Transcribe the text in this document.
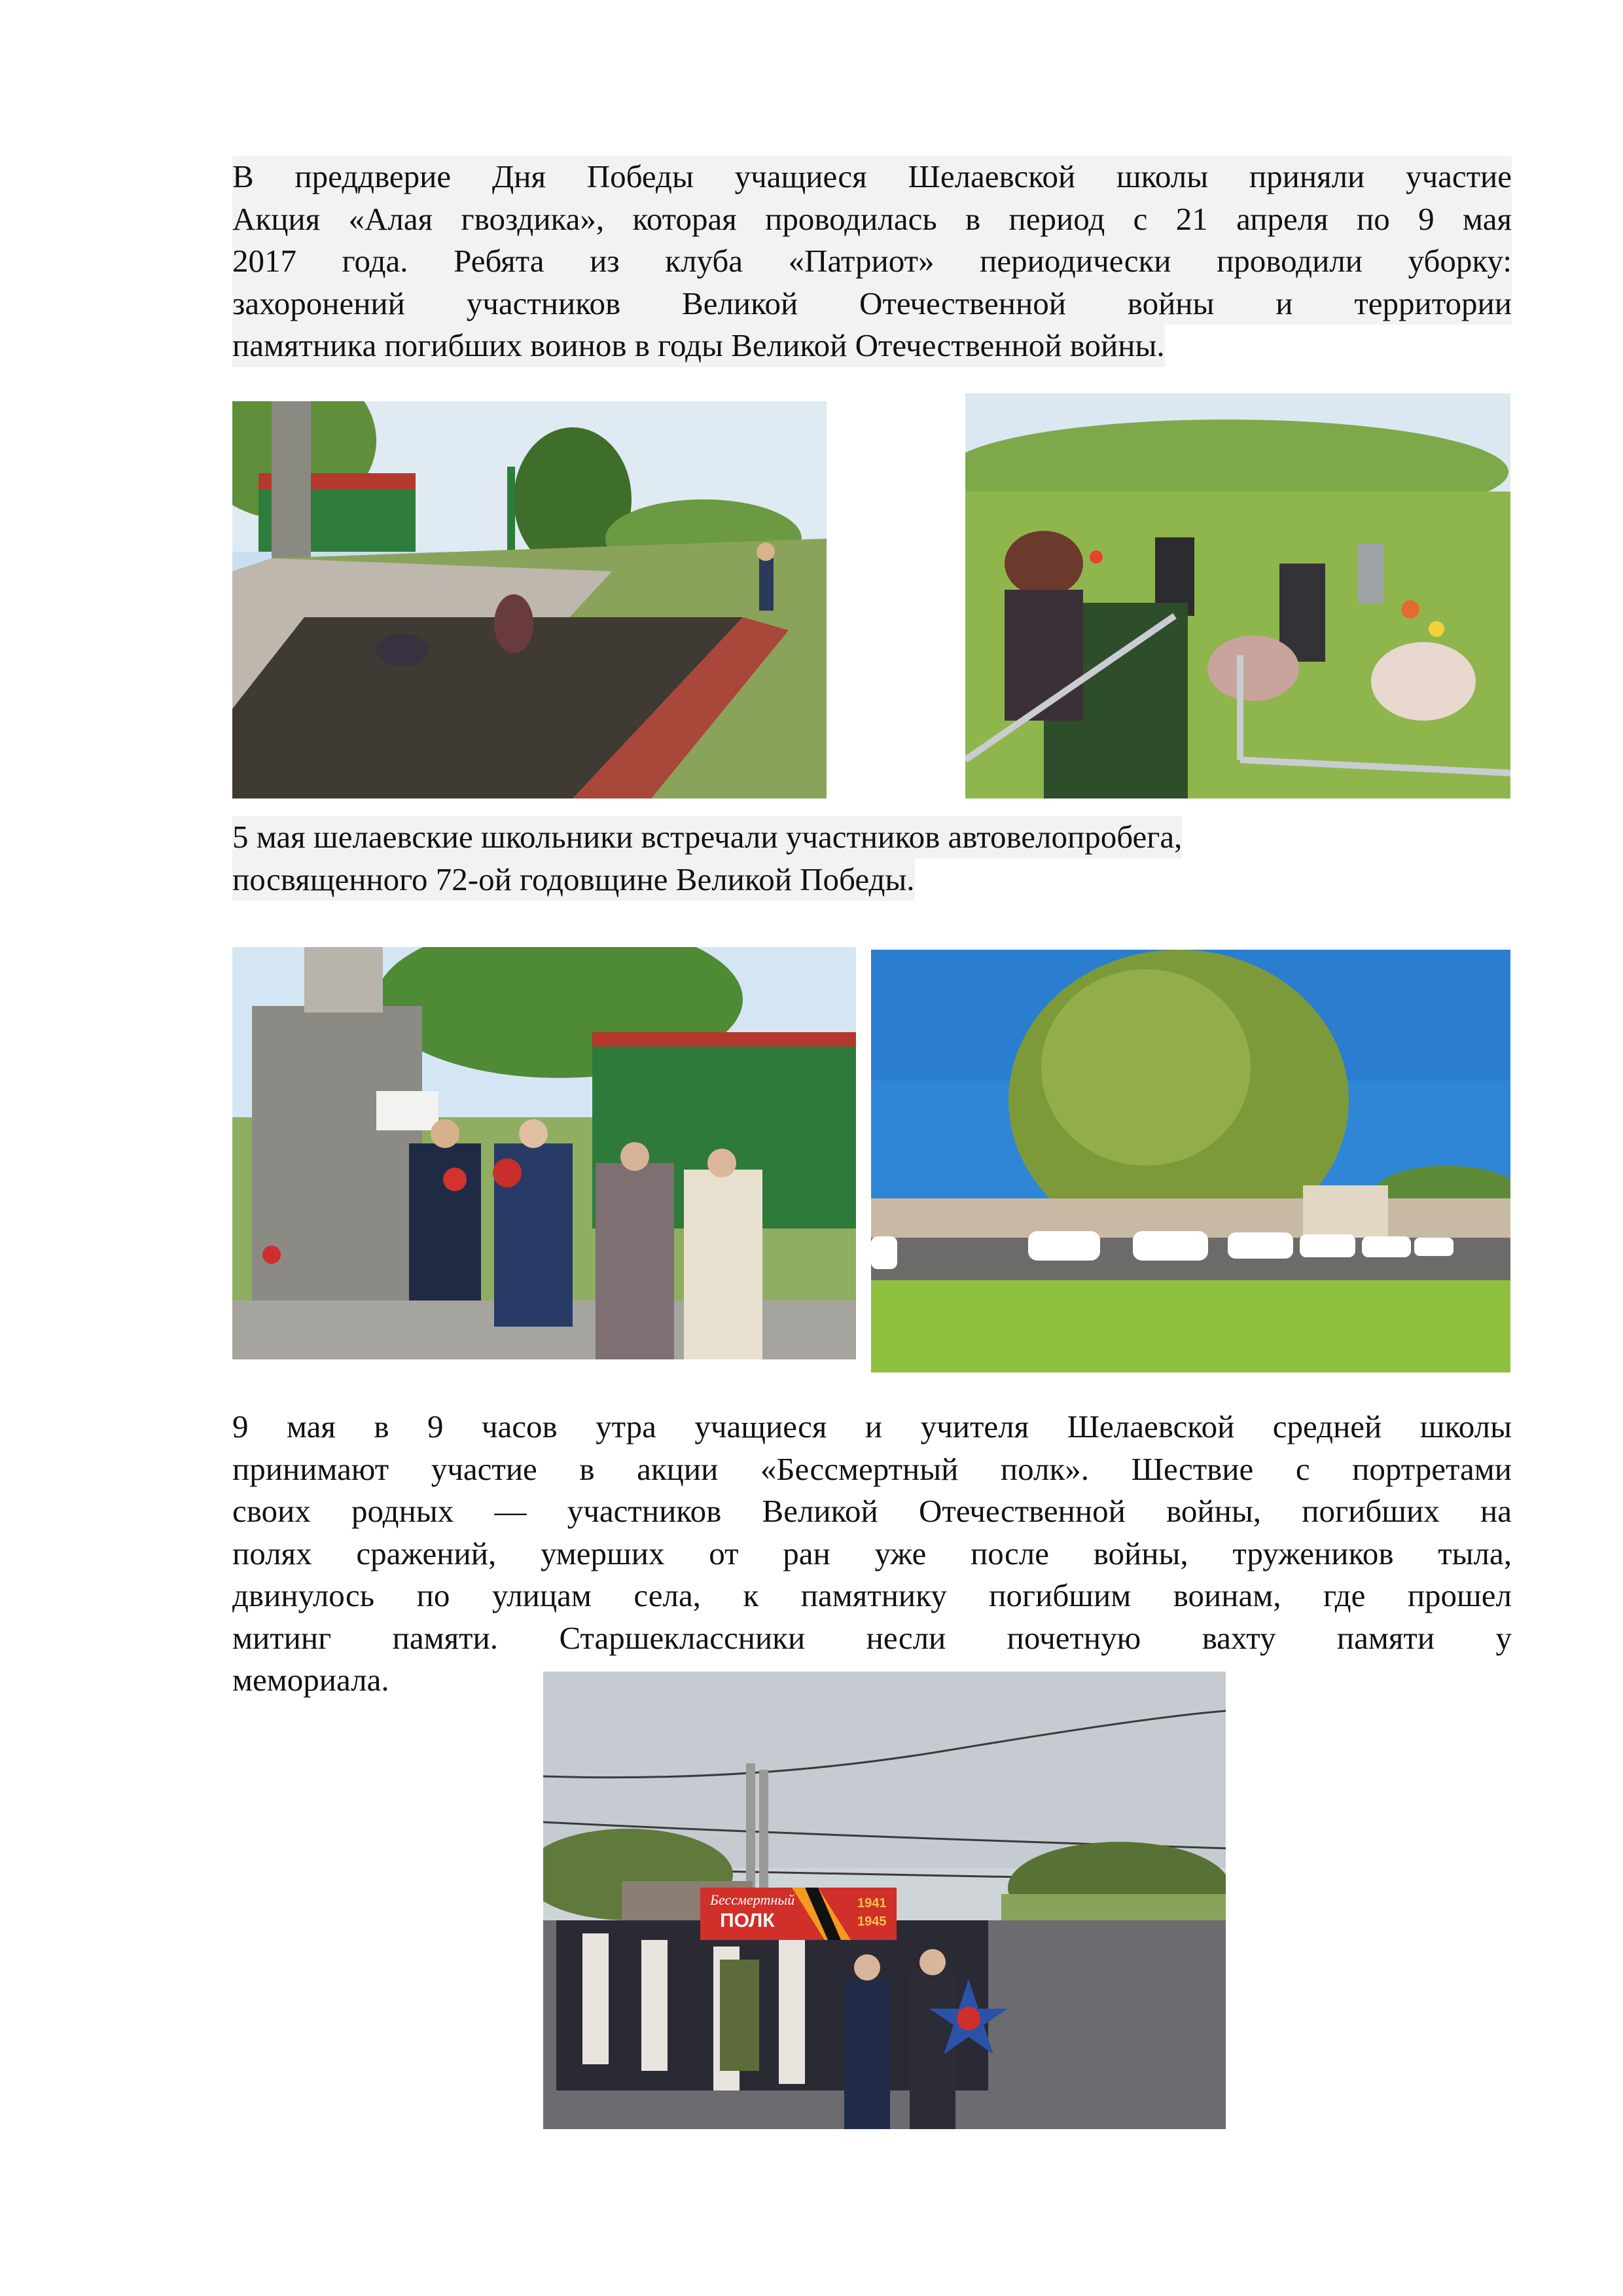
В преддверие Дня Победы учащиеся Шелаевской школы приняли участие
Акция «Алая гвоздика», которая проводилась в период с 21 апреля по 9 мая
2017 года. Ребята из клуба «Патриот» периодически проводили уборку:
захоронений участников Великой Отечественной войны и территории
памятника погибших воинов в годы Великой Отечественной войны.
5 мая шелаевские школьники встречали участников автовелопробега,
посвященного 72-ой годовщине Великой Победы.
9 мая в 9 часов утра учащиеся и учителя Шелаевской средней школы
принимают участие в акции «Бессмертный полк». Шествие с портретами
своих родных — участников Великой Отечественной войны, погибших на
полях сражений, умерших от ран уже после войны, тружеников тыла,
двинулось по улицам села, к памятнику погибшим воинам, где прошел
митинг памяти. Старшеклассники несли почетную вахту памяти у
мемориала.
Бессмертный
ПОЛК
1941
1945
